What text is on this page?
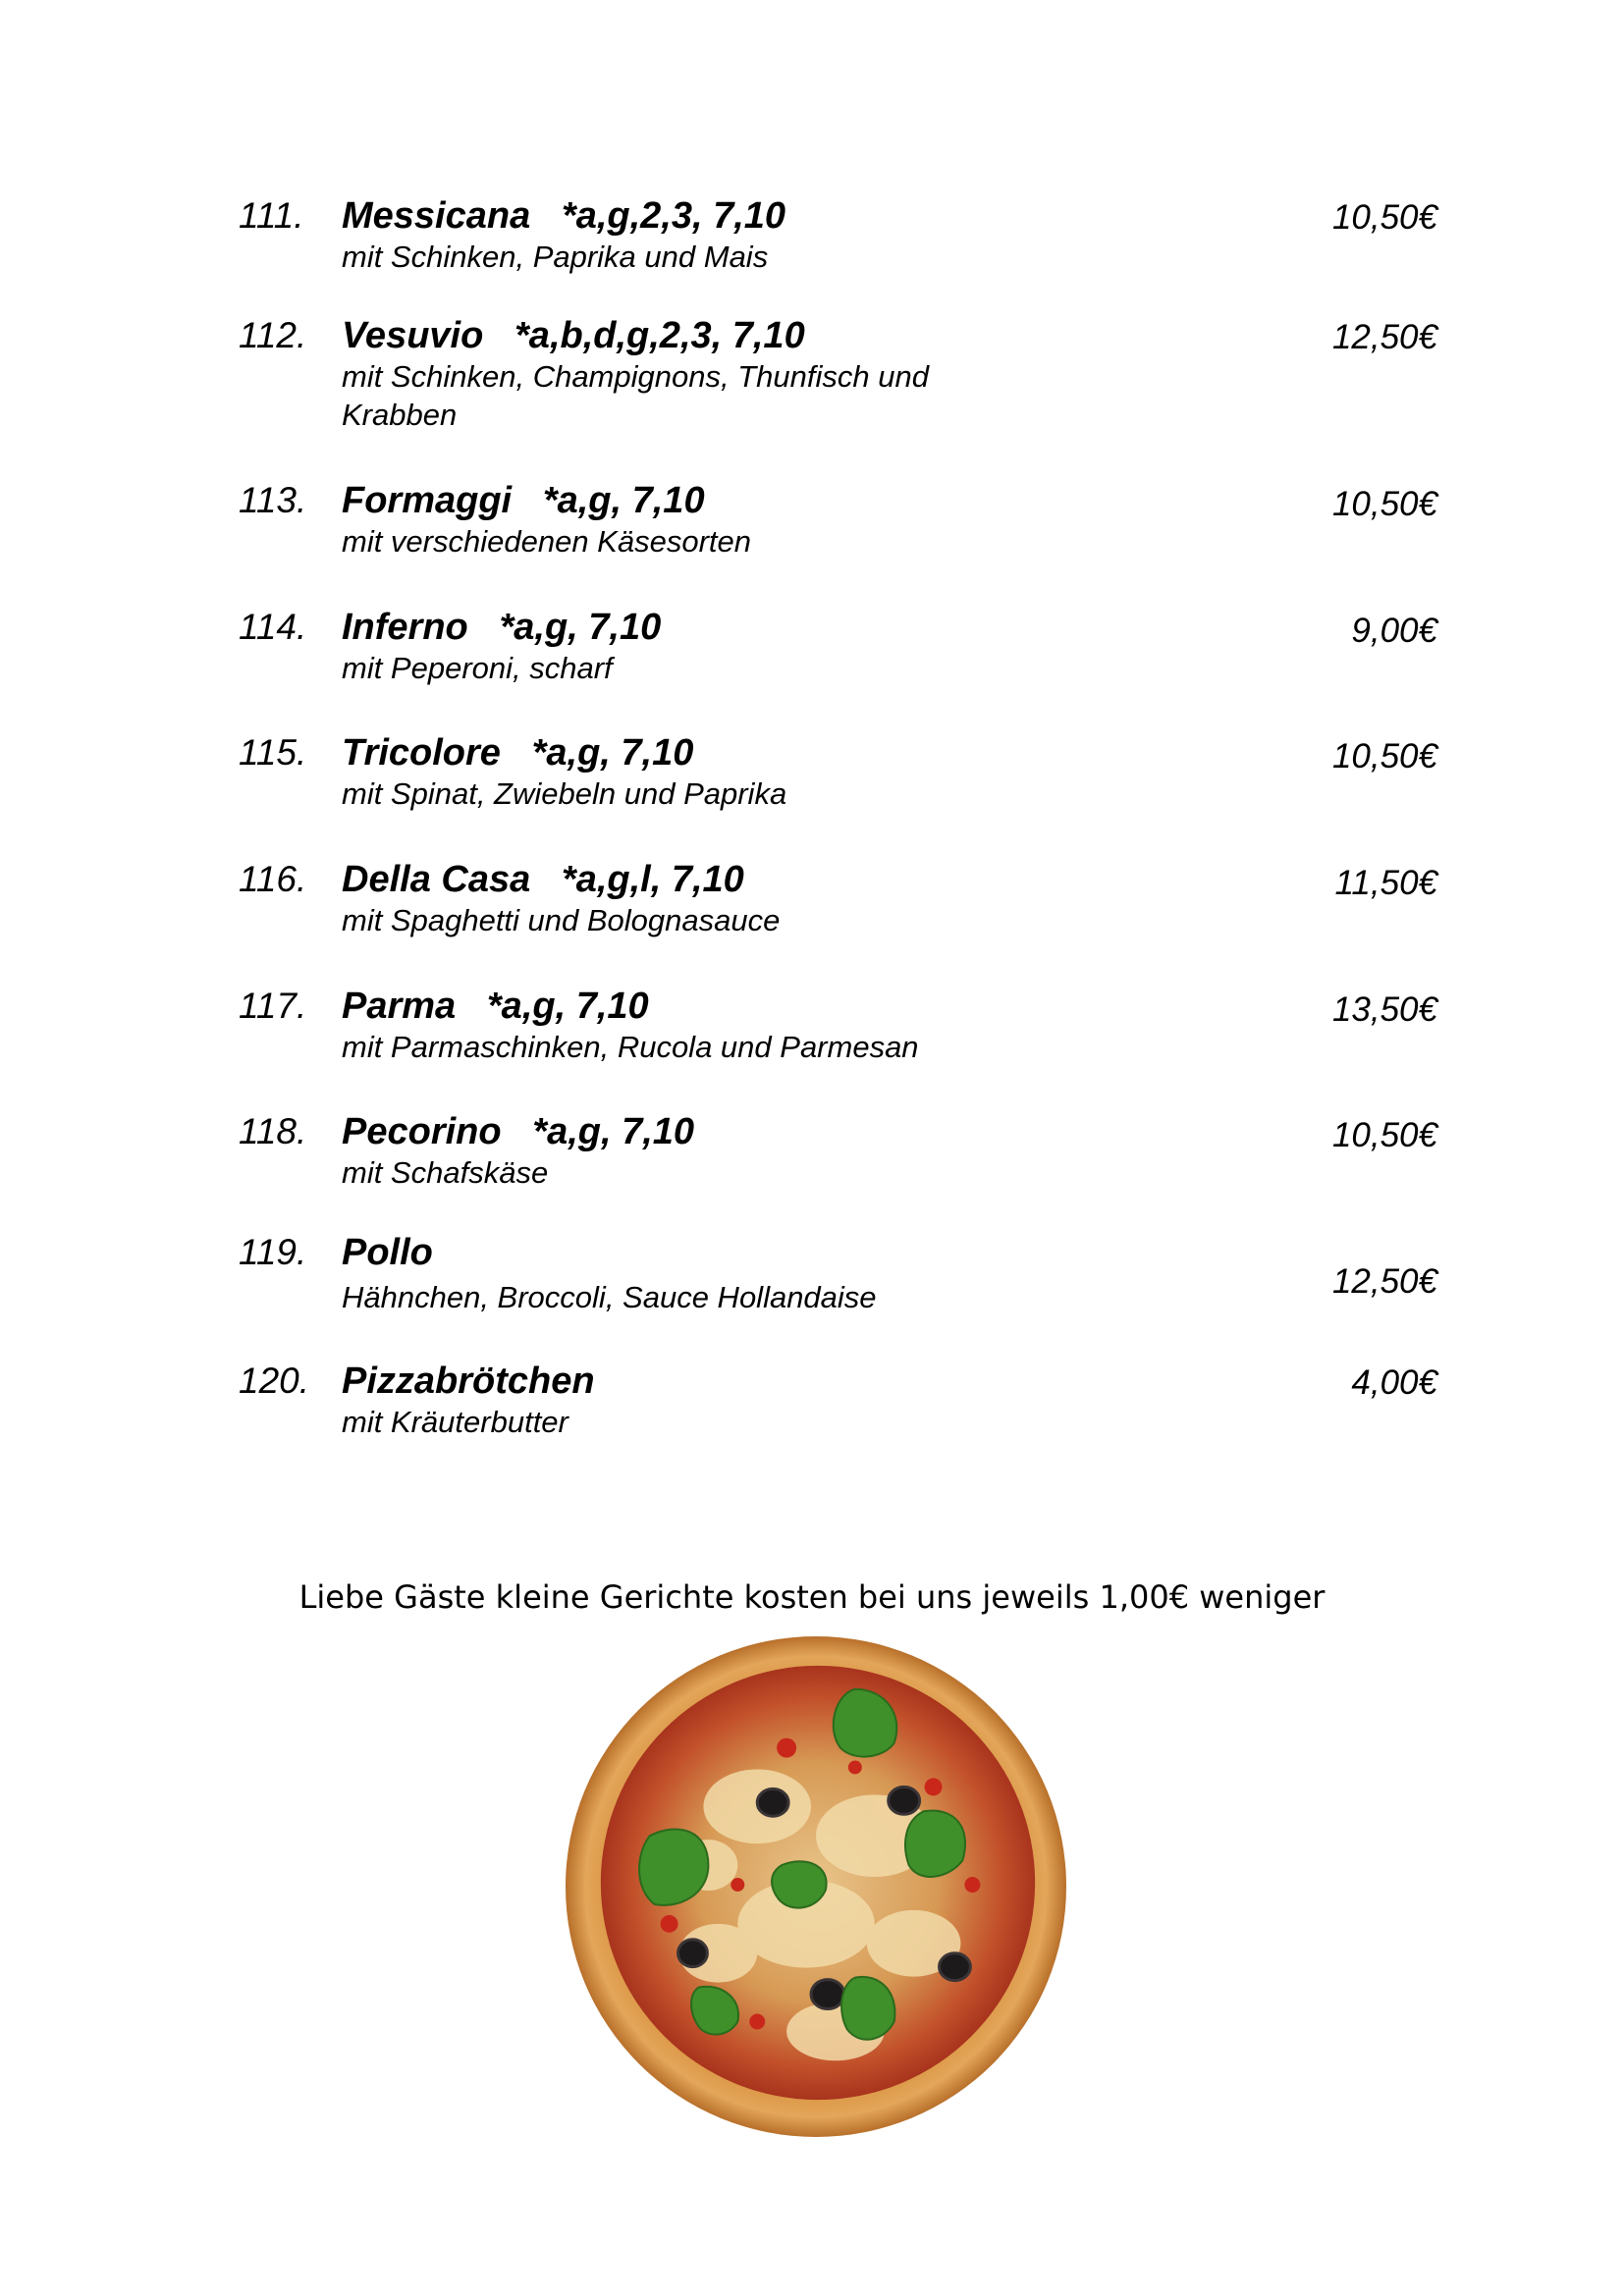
111. Messicana *a,g,2,3, 7,10
mit Schinken, Paprika und Mais
10,50€
112. Vesuvio *a,b,d,g,2,3, 7,10
mit Schinken, Champignons, Thunfisch und Krabben
12,50€
113. Formaggi *a,g, 7,10
mit verschiedenen Käsesorten
10,50€
114. Inferno *a,g, 7,10
mit Peperoni, scharf
9,00€
115. Tricolore *a,g, 7,10
mit Spinat, Zwiebeln und Paprika
10,50€
116. Della Casa *a,g,l, 7,10
mit Spaghetti und Bolognasauce
11,50€
117. Parma *a,g, 7,10
mit Parmaschinken, Rucola und Parmesan
13,50€
118. Pecorino *a,g, 7,10
mit Schafskäse
10,50€
119. Pollo
Hähnchen, Broccoli, Sauce Hollandaise	12,50€
120. Pizzabrötchen
mit Kräuterbutter
4,00€
Liebe Gäste kleine Gerichte kosten bei uns jeweils 1,00€ weniger
